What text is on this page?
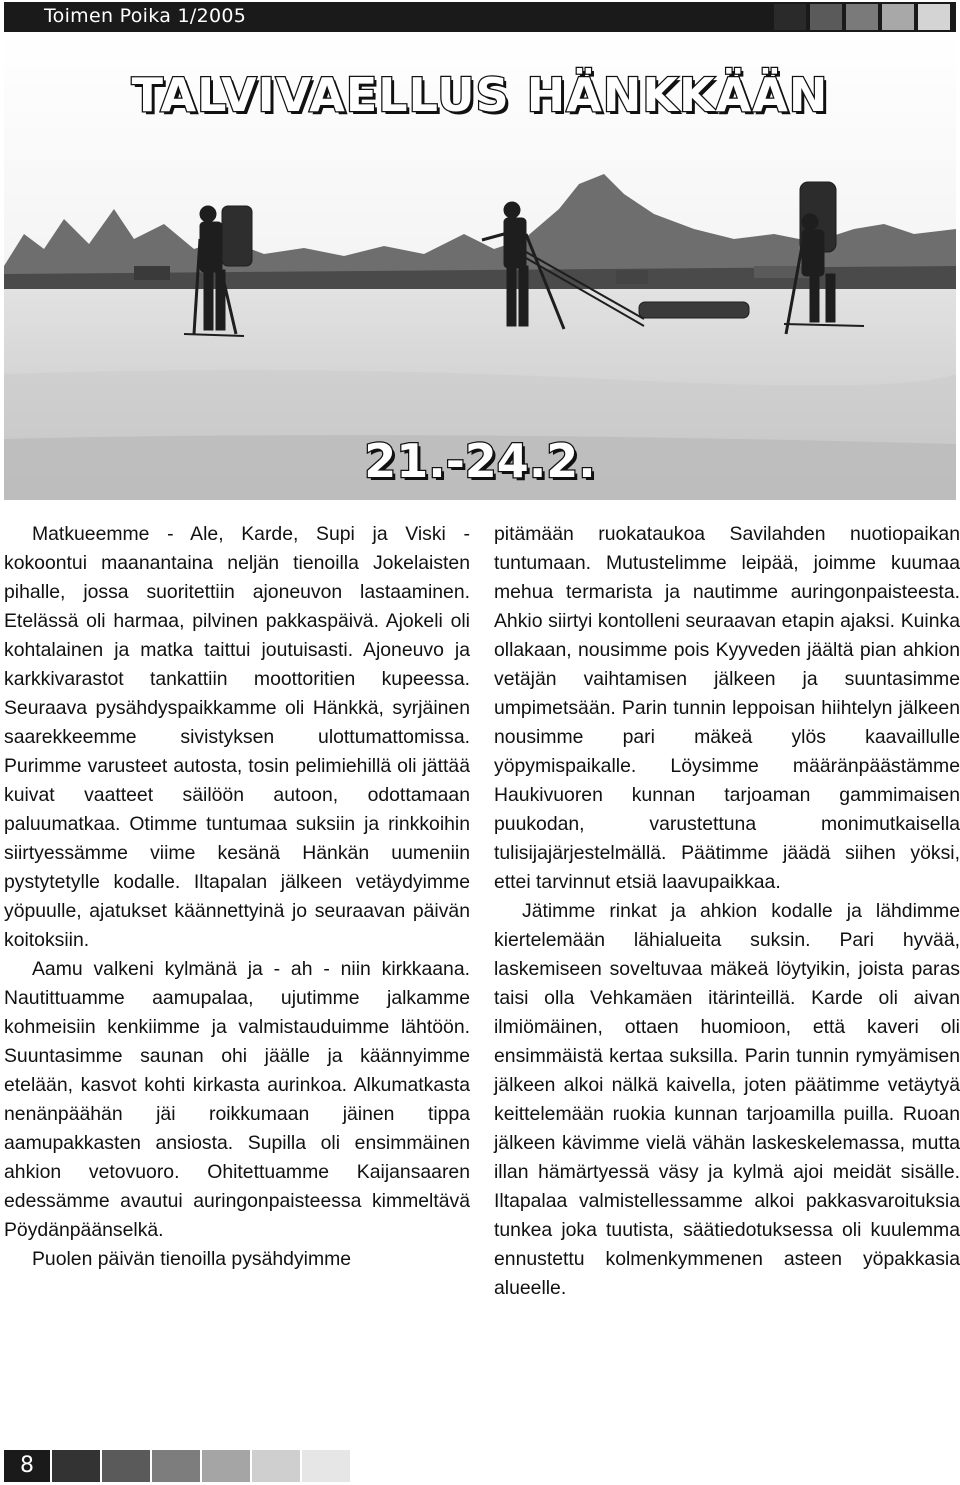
Toimen Poika 1/2005
TALVIVAELLUS HÄNKKÄÄN
21.-24.2.

Matkueemme - Ale, Karde, Supi ja Viski - kokoontui maanantaina neljän tienoilla Jokelaisten pihalle, jossa suoritettiin ajoneuvon lastaaminen. Etelässä oli harmaa, pilvinen pakkaspäivä. Ajokeli oli kohtalainen ja matka taittui joutuisasti. Ajoneuvo ja karkkivarastot tankattiin moottoritien kupeessa. Seuraava pysähdyspaikkamme oli Hänkkä, syrjäinen saarekkeemme sivistyksen ulottumattomissa. Purimme varusteet autosta, tosin pelimiehillä oli jättää kuivat vaatteet säilöön autoon, odottamaan paluumatkaa. Otimme tuntumaa suksiin ja rinkkoihin siirtyessämme viime kesänä Hänkän uumeniin pystytetylle kodalle. Iltapalan jälkeen vetäydyimme yöpuulle, ajatukset käännettyinä jo seuraavan päivän koitoksiin.

Aamu valkeni kylmänä ja - ah - niin kirkkaana. Nautittuamme aamupalaa, ujutimme jalkamme kohmeisiin kenkiimme ja valmistauduimme lähtöön. Suuntasimme saunan ohi jäälle ja käännyimme etelään, kasvot kohti kirkasta aurinkoa. Alkumatkasta nenänpäähän jäi roikkumaan jäinen tippa aamupakkasten ansiosta. Supilla oli ensimmäinen ahkion vetovuoro. Ohitettuamme Kaijansaaren edessämme avautui auringonpaisteessa kimmeltävä Pöydänpäänselkä.

Puolen päivän tienoilla pysähdyimme

pitämään ruokataukoa Savilahden nuotiopaikan tuntumaan. Mutustelimme leipää, joimme kuumaa mehua termarista ja nautimme auringonpaisteesta. Ahkio siirtyi kontolleni seuraavan etapin ajaksi. Kuinka ollakaan, nousimme pois Kyyveden jäältä pian ahkion vetäjän vaihtamisen jälkeen ja suuntasimme umpimetsään. Parin tunnin leppoisan hiihtelyn jälkeen nousimme pari mäkeä ylös kaavaillulle yöpymispaikalle. Löysimme määränpäästämme Haukivuoren kunnan tarjoaman gammimaisen puukodan, varustettuna monimutkaisella tulisijajärjestelmällä. Päätimme jäädä siihen yöksi, ettei tarvinnut etsiä laavupaikkaa.

Jätimme rinkat ja ahkion kodalle ja lähdimme kiertelemään lähialueita suksin. Pari hyvää, laskemiseen soveltuvaa mäkeä löytyikin, joista paras taisi olla Vehkamäen itärinteillä. Karde oli aivan ilmiömäinen, ottaen huomioon, että kaveri oli ensimmäistä kertaa suksilla. Parin tunnin rymyämisen jälkeen alkoi nälkä kaivella, joten päätimme vetäytyä keittelemään ruokia kunnan tarjoamilla puilla. Ruoan jälkeen kävimme vielä vähän laskeskelemassa, mutta illan hämärtyessä väsy ja kylmä ajoi meidät sisälle. Iltapalaa valmistellessamme alkoi pakkasvaroituksia tunkea joka tuutista, säätiedotuksessa oli kuulemma ennustettu kolmenkymmenen asteen yöpakkasia alueelle.

8
